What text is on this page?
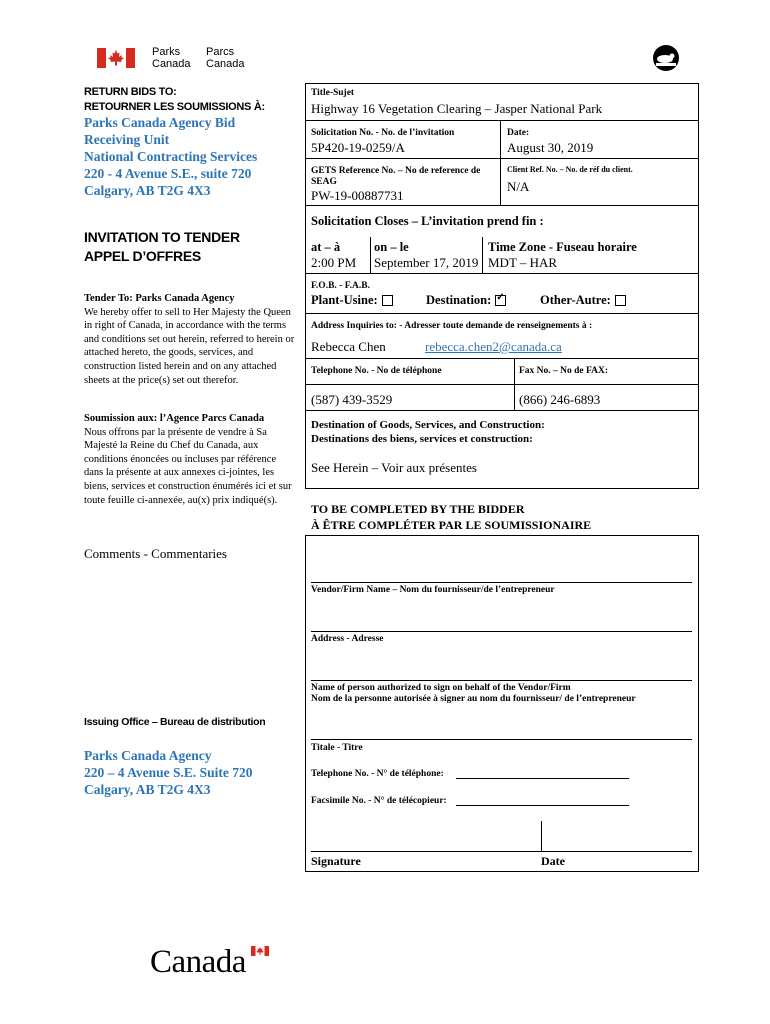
Parks
Canada
Parcs
Canada
RETURN BIDS TO:
RETOURNER LES SOUMISSIONS À:
Parks Canada Agency Bid
Receiving Unit
National Contracting Services
220 - 4 Avenue S.E., suite 720
Calgary, AB T2G 4X3
INVITATION TO TENDER
APPEL D’OFFRES
Tender To: Parks Canada Agency
We hereby offer to sell to Her Majesty the Queen in right of Canada, in accordance with the terms and conditions set out herein, referred to herein or attached hereto, the goods, services, and construction listed herein and on any attached sheets at the price(s) set out therefor.
Soumission aux: l’Agence Parcs Canada
Nous offrons par la présente de vendre à Sa Majesté la Reine du Chef du Canada, aux conditions énoncées ou incluses par référence dans la présente at aux annexes ci-jointes, les biens, services et construction énumérés ici et sur toute feuille ci-annexée, au(x) prix indiqué(s).
Comments - Commentaries
Issuing Office – Bureau de distribution
Parks Canada Agency
220 – 4 Avenue S.E. Suite 720
Calgary, AB T2G 4X3
Title-Sujet
Highway 16 Vegetation Clearing – Jasper National Park
Solicitation No. - No. de l’invitation
5P420-19-0259/A
Date:
August 30, 2019
GETS Reference No. – No de reference de SEAG
PW-19-00887731
Client Ref. No. – No. de réf du client.
N/A
Solicitation Closes – L’invitation prend fin :
at – à
2:00 PM
on – le
September 17, 2019
Time Zone - Fuseau horaire
MDT – HAR
F.O.B. - F.A.B.
Plant-Usine:	Destination:✓	Other-Autre:
Address Inquiries to: - Adresser toute demande de renseignements à :
Rebecca Chen	rebecca.chen2@canada.ca
Telephone No. - No de téléphone	Fax No. – No de FAX:
(587) 439-3529	(866) 246-6893
Destination of Goods, Services, and Construction:
Destinations des biens, services et construction:
See Herein – Voir aux présentes
TO BE COMPLETED BY THE BIDDER
À ÊTRE COMPLÉTER PAR LE SOUMISSIONAIRE
Vendor/Firm Name – Nom du fournisseur/de l’entrepreneur
Address - Adresse
Name of person authorized to sign on behalf of the Vendor/Firm
Nom de la personne autorisée à signer au nom du fournisseur/ de l’entrepreneur
Titale - Titre
Telephone No. - N° de téléphone:
Facsimile No. - N° de télécopieur:
Signature	Date
Canada
